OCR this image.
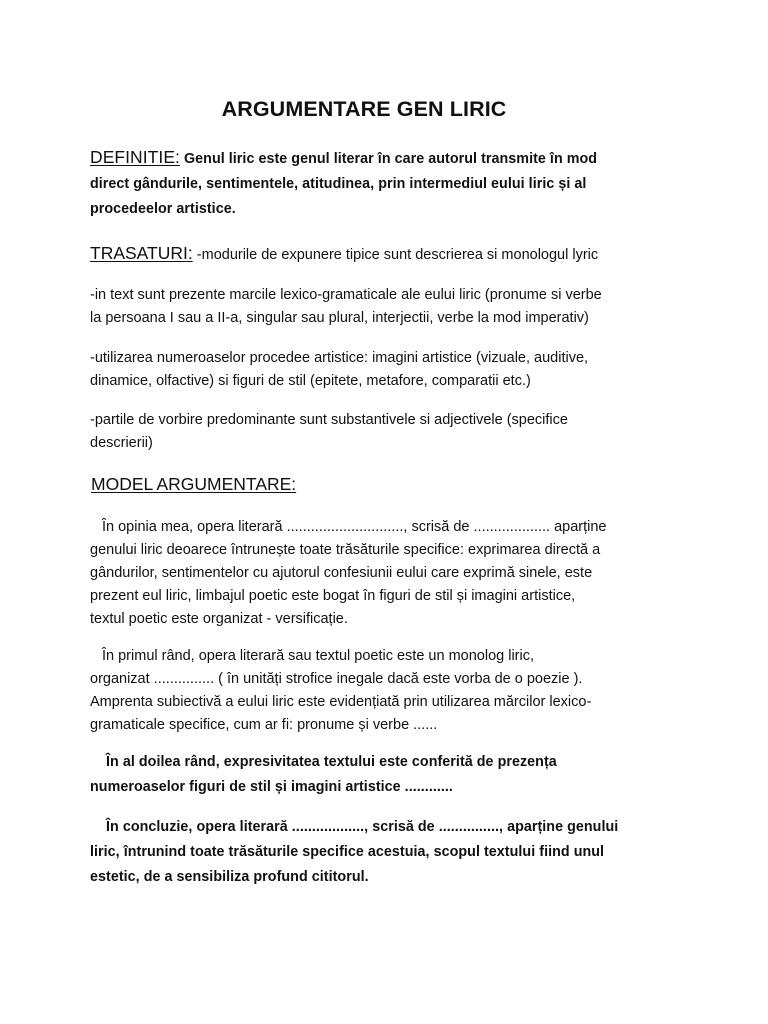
ARGUMENTARE GEN LIRIC
DEFINITIE: Genul liric este genul literar în care autorul transmite în mod
direct gândurile, sentimentele, atitudinea, prin intermediul eului liric și al
procedeelor artistice.
TRASATURI: -modurile de expunere tipice sunt descrierea si monologul lyric
-in text sunt prezente marcile lexico-gramaticale ale eului liric (pronume si verbe
la persoana I sau a II-a, singular sau plural, interjectii, verbe la mod imperativ)
-utilizarea numeroaselor procedee artistice: imagini artistice (vizuale, auditive,
dinamice, olfactive) si figuri de stil (epitete, metafore, comparatii etc.)
-partile de vorbire predominante sunt substantivele si adjectivele (specifice
descrierii)
MODEL ARGUMENTARE:
În opinia mea, opera literară ............................., scrisă de ................... aparține
genului liric deoarece întrunește toate trăsăturile specifice: exprimarea directă a
gândurilor, sentimentelor cu ajutorul confesiunii eului care exprimă sinele, este
prezent eul liric, limbajul poetic este bogat în figuri de stil și imagini artistice,
textul poetic este organizat - versificație.
În primul rând, opera literară sau textul poetic este un monolog liric,
organizat ............... ( în unități strofice inegale dacă este vorba de o poezie ).
Amprenta subiectivă a eului liric este evidențiată prin utilizarea mărcilor lexico-
gramaticale specifice, cum ar fi: pronume și verbe ......
În al doilea rând, expresivitatea textului este conferită de prezența
numeroaselor figuri de stil și imagini artistice ............
În concluzie, opera literară .................., scrisă de ..............., aparține genului
liric, întrunind toate trăsăturile specifice acestuia, scopul textului fiind unul
estetic, de a sensibiliza profund cititorul.
